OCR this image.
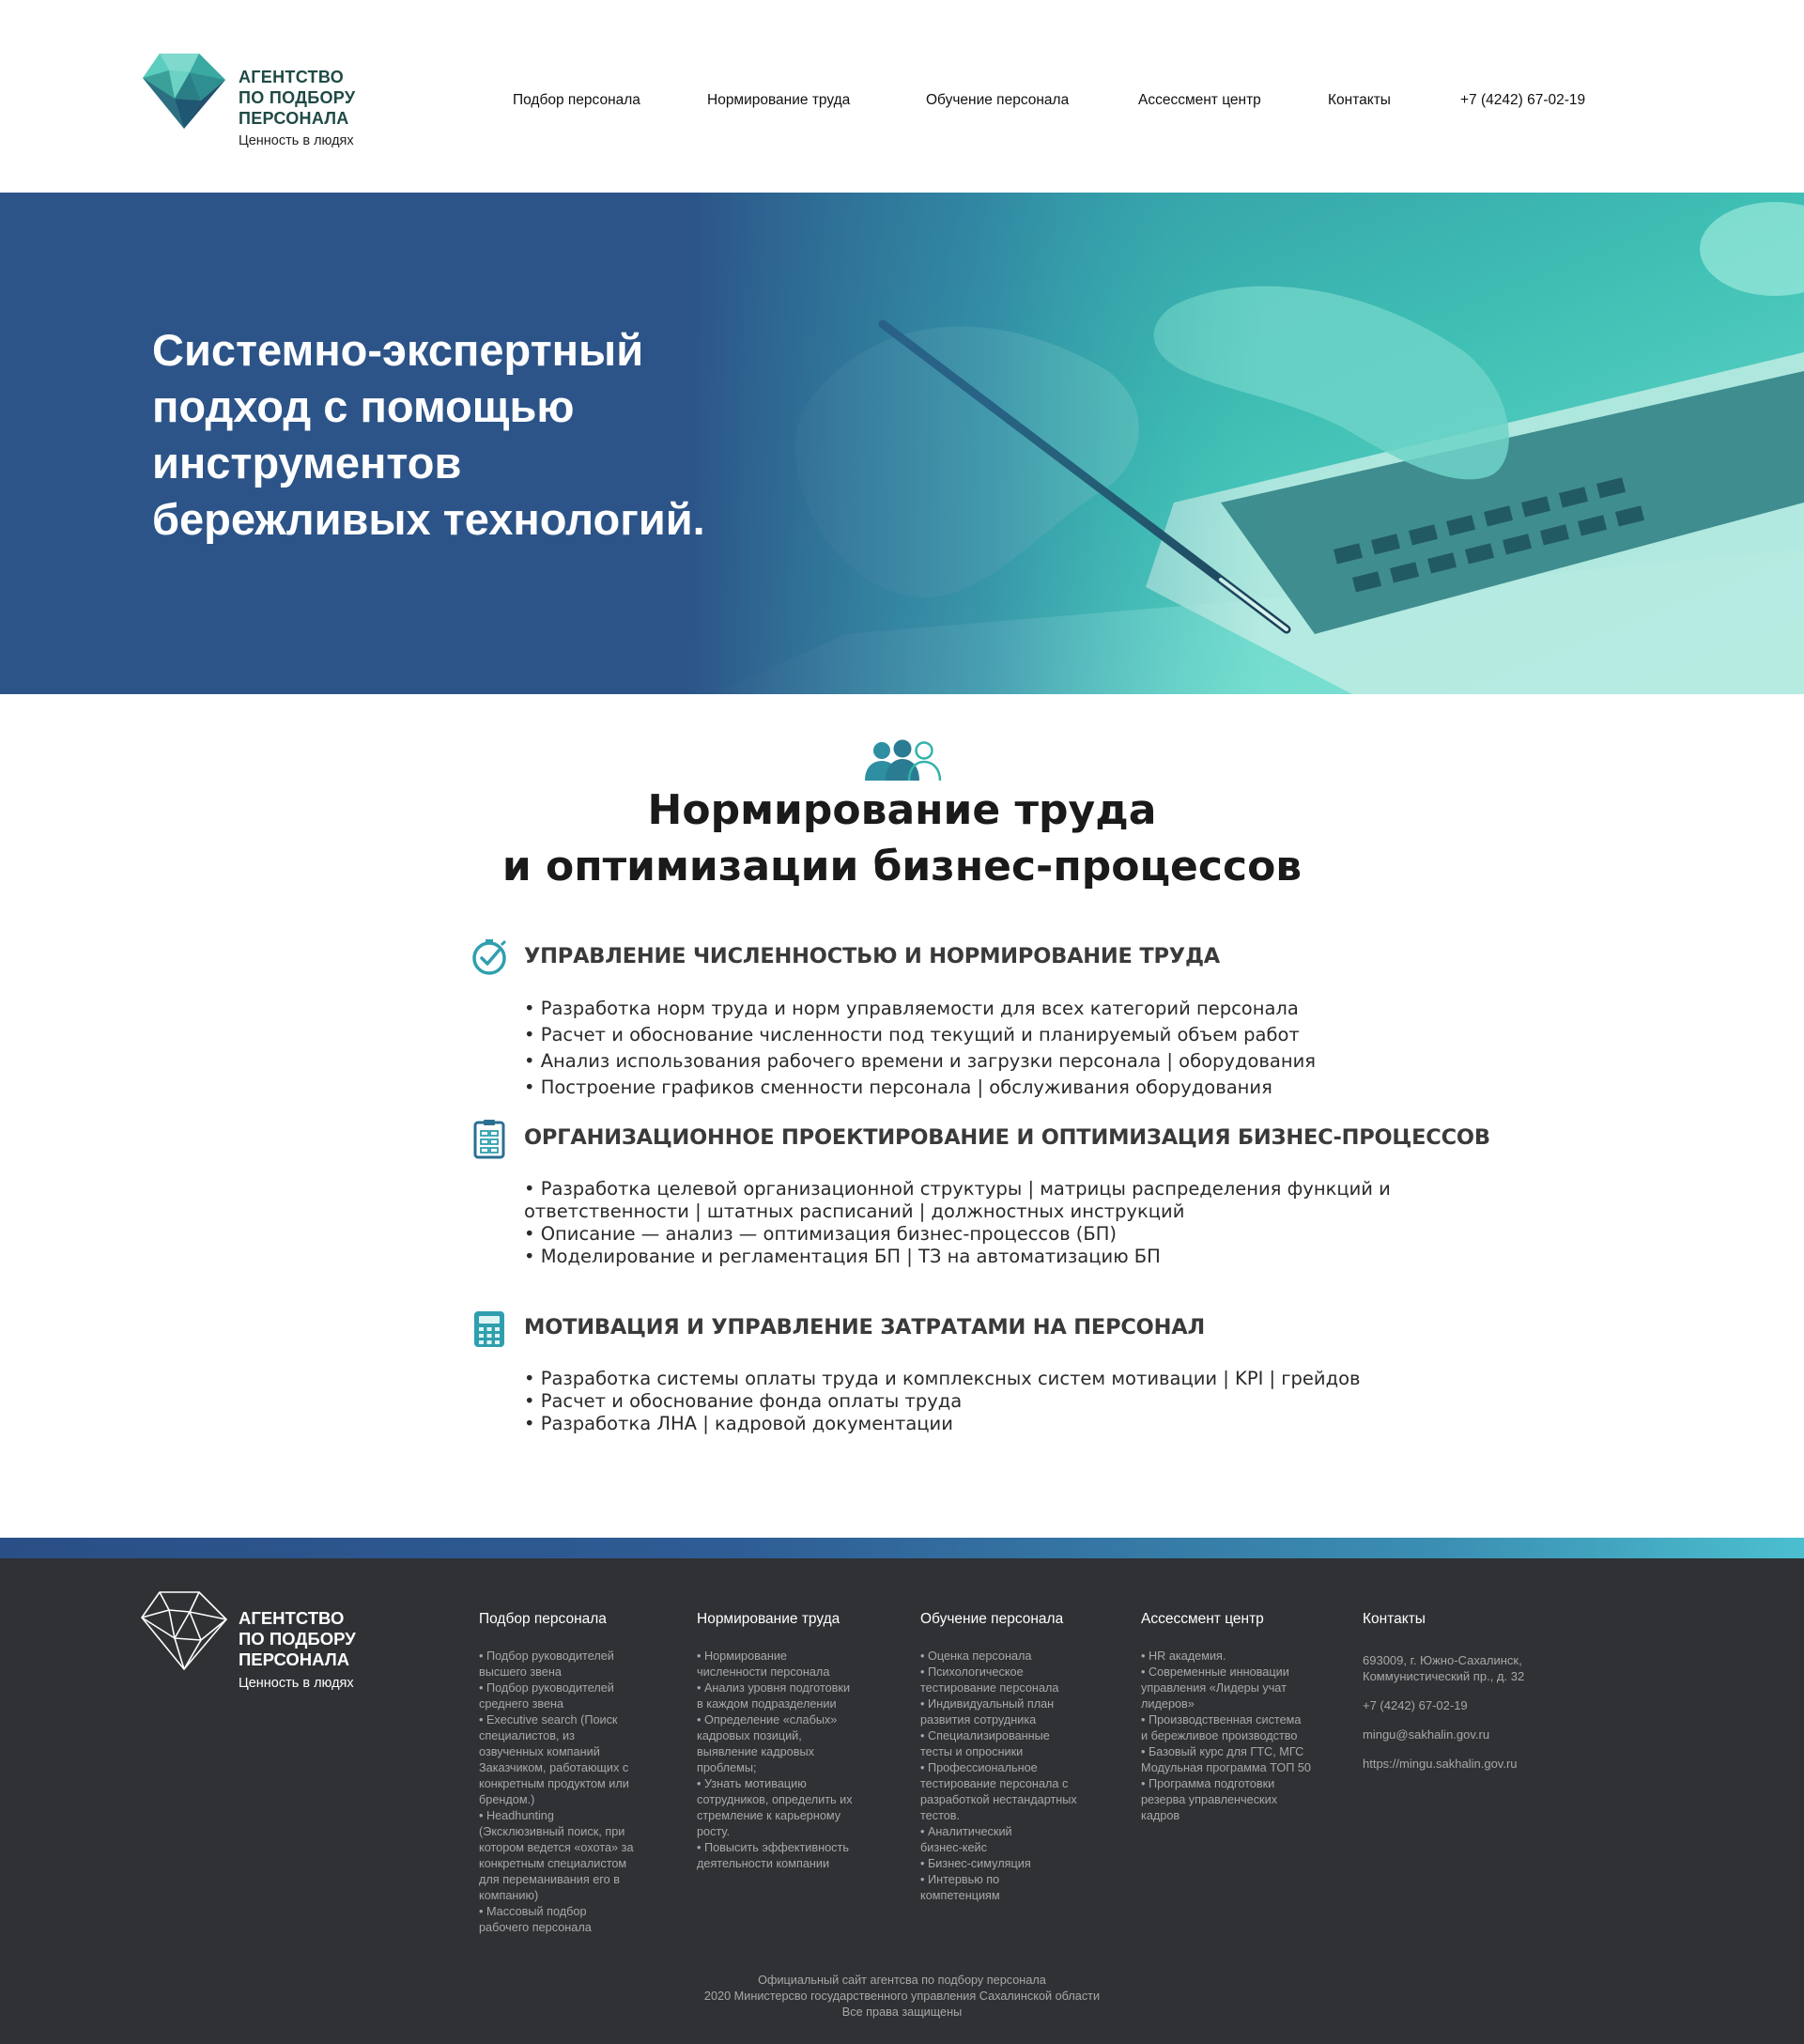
АГЕНТСТВО
ПО ПОДБОРУ
ПЕРСОНАЛА
Ценность в людях
Подбор персонала	Нормирование труда	Обучение персонала	Ассессмент центр	Контакты	+7 (4242) 67-02-19
Системно-экспертный
подход с помощью
инструментов
бережливых технологий.
Нормирование труда
и оптимизации бизнес-процессов
УПРАВЛЕНИЕ ЧИСЛЕННОСТЬЮ И НОРМИРОВАНИЕ ТРУДА
• Разработка норм труда и норм управляемости для всех категорий персонала
• Расчет и обоснование численности под текущий и планируемый объем работ
• Анализ использования рабочего времени и загрузки персонала | оборудования
• Построение графиков сменности персонала | обслуживания оборудования
ОРГАНИЗАЦИОННОЕ ПРОЕКТИРОВАНИЕ И ОПТИМИЗАЦИЯ БИЗНЕС-ПРОЦЕССОВ
• Разработка целевой организационной структуры | матрицы распределения функций и
ответственности | штатных расписаний | должностных инструкций
• Описание — анализ — оптимизация бизнес-процессов (БП)
• Моделирование и регламентация БП | ТЗ на автоматизацию БП
МОТИВАЦИЯ И УПРАВЛЕНИЕ ЗАТРАТАМИ НА ПЕРСОНАЛ
• Разработка системы оплаты труда и комплексных систем мотивации | KPI | грейдов
• Расчет и обоснование фонда оплаты труда
• Разработка ЛНА | кадровой документации
АГЕНТСТВО
ПО ПОДБОРУ
ПЕРСОНАЛА
Ценность в людях
Подбор персонала
• Подбор руководителей
высшего звена
• Подбор руководителей
среднего звена
• Executive search (Поиск
специалистов, из
озвученных компаний
Заказчиком, работающих с
конкретным продуктом или
брендом.)
• Headhunting
(Эксклюзивный поиск, при
котором ведется «охота» за
конкретным специалистом
для переманивания его в
компанию)
• Массовый подбор
рабочего персонала
Нормирование труда
• Нормирование
численности персонала
• Анализ уровня подготовки
в каждом подразделении
• Определение «слабых»
кадровых позиций,
выявление кадровых
проблемы;
• Узнать мотивацию
сотрудников, определить их
стремление к карьерному
росту.
• Повысить эффективность
деятельности компании
Обучение персонала
• Оценка персонала
• Психологическое
тестирование персонала
• Индивидуальный план
развития сотрудника
• Специализированные
тесты и опросники
• Профессиональное
тестирование персонала с
разработкой нестандартных
тестов.
• Аналитический
бизнес-кейс
• Бизнес-симуляция
• Интервью по
компетенциям
Ассессмент центр
• HR академия.
• Современные инновации
управления «Лидеры учат
лидеров»
• Производственная система
и бережливое производство
• Базовый курс для ГТС, МГС
Модульная программа ТОП 50
• Программа подготовки
резерва управленческих
кадров
Контакты

693009, г. Южно-Сахалинск,
Коммунистический пр., д. 32

+7 (4242) 67-02-19

mingu@sakhalin.gov.ru

https://mingu.sakhalin.gov.ru

Официальный сайт агентсва по подбору персонала
2020 Министерсво государственного управления Сахалинской области
Все права защищены
